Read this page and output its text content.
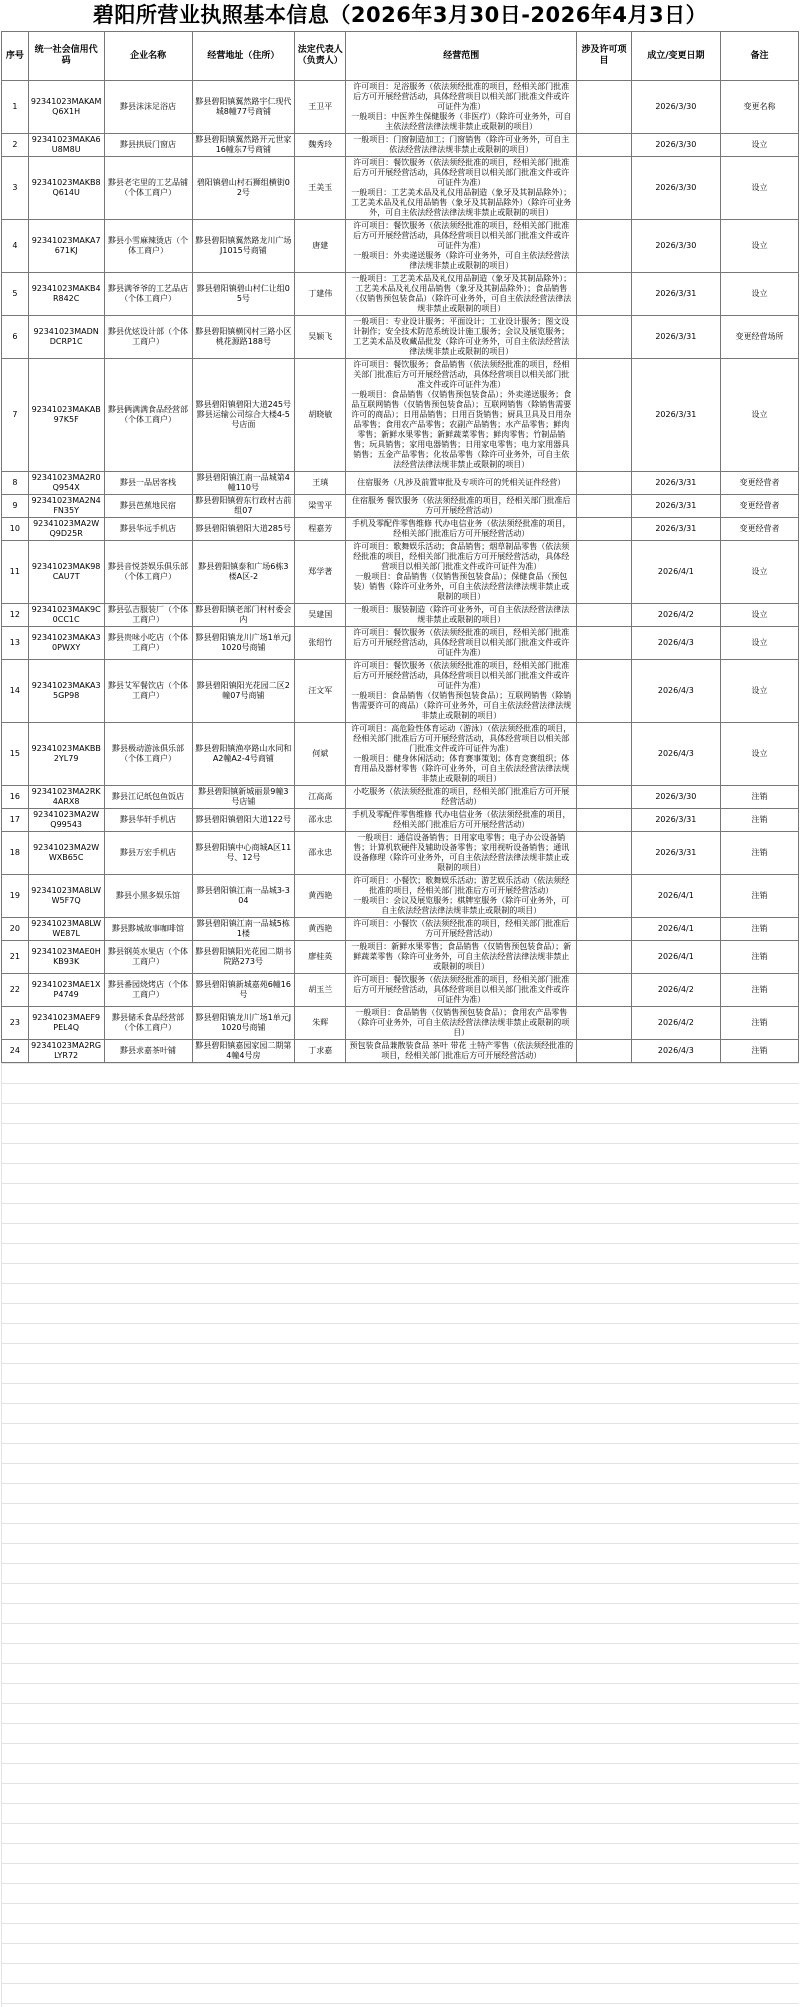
碧阳所营业执照基本信息（2026年3月30日-2026年4月3日）
序号	统一社会信用代码	企业名称	经营地址（住所）	法定代表人（负责人）	经营范围	涉及许可项目	成立/变更日期	备注
1	92341023MAKAMQ6X1H	黟县沫沫足浴店	黟县碧阳镇翼然路宇仁现代城8幢77号商铺	王卫平	许可项目：足浴服务（依法须经批准的项目，经相关部门批准后方可开展经营活动，具体经营项目以相关部门批准文件或许可证件为准）
一般项目：中医养生保健服务（非医疗）（除许可业务外，可自主依法经营法律法规非禁止或限制的项目）		2026/3/30	变更名称
2	92341023MAKA6U8M8U	黟县拱辰门窗店	黟县碧阳镇翼然路开元世家16幢东7号商铺	魏秀玲	一般项目：门窗制造加工；门窗销售（除许可业务外，可自主依法经营法律法规非禁止或限制的项目）		2026/3/30	设立
3	92341023MAKB8Q614U	黟县老宅里的工艺品铺（个体工商户）	碧阳镇碧山村石狮组横街02号	王美玉	许可项目：餐饮服务（依法须经批准的项目，经相关部门批准后方可开展经营活动，具体经营项目以相关部门批准文件或许可证件为准）
一般项目：工艺美术品及礼仪用品制造（象牙及其制品除外）；工艺美术品及礼仪用品销售（象牙及其制品除外）（除许可业务外，可自主依法经营法律法规非禁止或限制的项目）		2026/3/30	设立
4	92341023MAKA7671KJ	黟县小雪麻辣烫店（个体工商户）	黟县碧阳镇翼然路龙川广场J1015号商铺	唐建	许可项目：餐饮服务（依法须经批准的项目，经相关部门批准后方可开展经营活动，具体经营项目以相关部门批准文件或许可证件为准）
一般项目：外卖递送服务（除许可业务外，可自主依法经营法律法规非禁止或限制的项目）		2026/3/30	设立
5	92341023MAKB4R842C	黟县满爷爷的工艺品店（个体工商户）	黟县碧阳镇碧山村仁让组05号	丁建伟	一般项目：工艺美术品及礼仪用品制造（象牙及其制品除外）；工艺美术品及礼仪用品销售（象牙及其制品除外）；食品销售（仅销售预包装食品）（除许可业务外，可自主依法经营法律法规非禁止或限制的项目）		2026/3/31	设立
6	92341023MADNDCRP1C	黟县优炫设计部（个体工商户）	黟县碧阳镇横冈村三路小区桃花源路188号	吴颖飞	一般项目：专业设计服务；平面设计；工业设计服务；图文设计制作；安全技术防范系统设计施工服务；会议及展览服务；工艺美术品及收藏品批发（除许可业务外，可自主依法经营法律法规非禁止或限制的项目）		2026/3/31	变更经营场所
7	92341023MAKAB97K5F	黟县俩满满食品经营部（个体工商户）	黟县碧阳镇碧阳大道245号黟县运输公司综合大楼4-5号店面	胡晓敏	许可项目：餐饮服务；食品销售（依法须经批准的项目，经相关部门批准后方可开展经营活动，具体经营项目以相关部门批准文件或许可证件为准）
一般项目：食品销售（仅销售预包装食品）；外卖递送服务；食品互联网销售（仅销售预包装食品）；互联网销售（除销售需要许可的商品）；日用品销售；日用百货销售；厨具卫具及日用杂品零售；食用农产品零售；农副产品销售；水产品零售；鲜肉零售；新鲜水果零售；新鲜蔬菜零售；鲜肉零售；竹制品销售；玩具销售；家用电器销售；日用家电零售；电力家用器具销售；五金产品零售；化妆品零售（除许可业务外，可自主依法经营法律法规非禁止或限制的项目）		2026/3/31	设立
8	92341023MA2R0Q954X	黟县一品居客栈	黟县碧阳镇江南一品城第4幢110号	王瑱	住宿服务（凡涉及前置审批及专项许可的凭相关证件经营）		2026/3/31	变更经营者
9	92341023MA2N4FN35Y	黟县芭蕉地民宿	黟县碧阳镇碧东行政村古前组07	梁雪平	住宿服务 餐饮服务（依法须经批准的项目，经相关部门批准后方可开展经营活动）		2026/3/31	变更经营者
10	92341023MA2WQ9D25R	黟县华远手机店	黟县碧阳镇碧阳大道285号	程嘉芳	手机及零配件零售维修 代办电信业务（依法须经批准的项目，经相关部门批准后方可开展经营活动）		2026/3/31	变更经营者
11	92341023MAK98CAU7T	黟县音悦荟娱乐俱乐部（个体工商户）	黟县碧阳镇泰和广场6栋3楼A区-2	郑学著	许可项目：歌舞娱乐活动；食品销售；烟草制品零售（依法须经批准的项目，经相关部门批准后方可开展经营活动，具体经营项目以相关部门批准文件或许可证件为准）
一般项目：食品销售（仅销售预包装食品）；保健食品（预包装）销售（除许可业务外，可自主依法经营法律法规非禁止或限制的项目）		2026/4/1	设立
12	92341023MAK9C0CC1C	黟县弘吉服装厂（个体工商户）	黟县碧阳镇老部门村村委会内	吴建国	一般项目：服装制造（除许可业务外，可自主依法经营法律法规非禁止或限制的项目）		2026/4/2	设立
13	92341023MAKA30PWXY	黟县贵味小吃店（个体工商户）	黟县碧阳镇龙川广场1单元J1020号商铺	张绍竹	许可项目：餐饮服务（依法须经批准的项目，经相关部门批准后方可开展经营活动，具体经营项目以相关部门批准文件或许可证件为准）		2026/4/3	设立
14	92341023MAKA35GP98	黟县艾军餐饮店（个体工商户）	黟县碧阳镇阳光花园二区2幢07号商铺	汪文军	许可项目：餐饮服务（依法须经批准的项目，经相关部门批准后方可开展经营活动，具体经营项目以相关部门批准文件或许可证件为准）
一般项目：食品销售（仅销售预包装食品）；互联网销售（除销售需要许可的商品）（除许可业务外，可自主依法经营法律法规非禁止或限制的项目）		2026/4/3	设立
15	92341023MAKBB2YL79	黟县极动游泳俱乐部（个体工商户）	黟县碧阳镇渔亭路山水同和A2幢A2-4号商铺	何斌	许可项目：高危险性体育运动（游泳）（依法须经批准的项目，经相关部门批准后方可开展经营活动，具体经营项目以相关部门批准文件或许可证件为准）
一般项目：健身休闲活动；体育赛事策划；体育竞赛组织；体育用品及器材零售（除许可业务外，可自主依法经营法律法规非禁止或限制的项目）		2026/4/3	设立
16	92341023MA2RK4ARX8	黟县江记纸包鱼饭店	黟县碧阳镇新城丽景9幢3号店铺	江高高	小吃服务（依法须经批准的项目，经相关部门批准后方可开展经营活动）		2026/3/30	注销
17	92341023MA2WQ99543	黟县华轩手机店	黟县碧阳镇碧阳大道122号	邵永忠	手机及零配件零售维修 代办电信业务（依法须经批准的项目，经相关部门批准后方可开展经营活动）		2026/3/31	注销
18	92341023MA2WWXB65C	黟县万宏手机店	黟县碧阳镇中心商城A区11号、12号	邵永忠	一般项目：通信设备销售；日用家电零售；电子办公设备销售；计算机软硬件及辅助设备零售；家用视听设备销售；通讯设备修理（除许可业务外，可自主依法经营法律法规非禁止或限制的项目）		2026/3/31	注销
19	92341023MA8LWW5F7Q	黟县小黑多娱乐馆	黟县碧阳镇江南一品城3-304	黄西艳	许可项目：小餐饮；歌舞娱乐活动；游艺娱乐活动（依法须经批准的项目，经相关部门批准后方可开展经营活动）
一般项目：会议及展览服务；棋牌室服务（除许可业务外，可自主依法经营法律法规非禁止或限制的项目）		2026/4/1	注销
20	92341023MA8LWWE87L	黟县黟城故事咖啡馆	黟县碧阳镇江南一品城5栋1楼	黄西艳	许可项目：小餐饮（依法须经批准的项目，经相关部门批准后方可开展经营活动）		2026/4/1	注销
21	92341023MAE0HKB93K	黟县钢英水果店（个体工商户）	黟县碧阳镇阳光花园二期书院路273号	廖桂英	一般项目：新鲜水果零售；食品销售（仅销售预包装食品）；新鲜蔬菜零售（除许可业务外，可自主依法经营法律法规非禁止或限制的项目）		2026/4/1	注销
22	92341023MAE1XP4749	黟县番园烧烤店（个体工商户）	黟县碧阳镇新城嘉苑6幢16号	胡玉兰	许可项目：餐饮服务（依法须经批准的项目，经相关部门批准后方可开展经营活动，具体经营项目以相关部门批准文件或许可证件为准）		2026/4/2	注销
23	92341023MAEF9PEL4Q	黟县储禾食品经营部（个体工商户）	黟县碧阳镇龙川广场1单元J1020号商铺	朱辉	一般项目：食品销售（仅销售预包装食品）；食用农产品零售（除许可业务外，可自主依法经营法律法规非禁止或限制的项目）		2026/4/2	注销
24	92341023MA2RGLYR72	黟县求嘉茶叶铺	黟县碧阳镇嘉园家园二期第4幢4号房	丁求嘉	预包装食品兼散装食品 茶叶 带花 土特产零售（依法须经批准的项目，经相关部门批准后方可开展经营活动）		2026/4/3	注销
